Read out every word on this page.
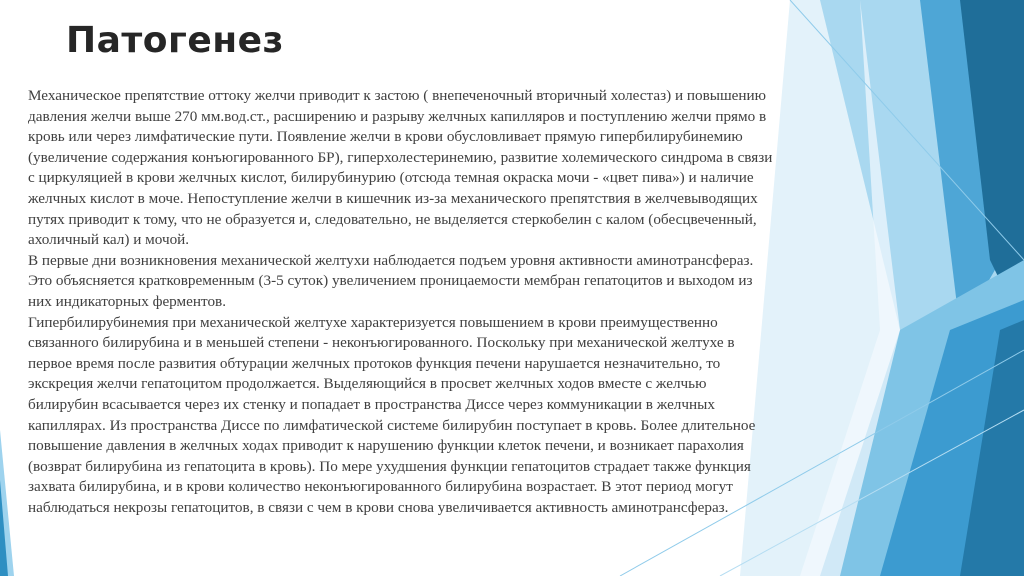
Патогенез

Механическое препятствие оттоку желчи приводит к застою ( внепеченочный вторичный холестаз) и повышению давления желчи выше 270 мм.вод.ст., расширению и разрыву желчных капилляров и поступлению желчи прямо в кровь или через лимфатические пути. Появление желчи в крови обусловливает прямую гипербилирубинемию (увеличение содержания конъюгированного БР), гиперхолестеринемию, развитие холемического синдрома в связи с циркуляцией в крови желчных кислот, билирубинурию (отсюда темная окраска мочи - «цвет пива») и наличие желчных кислот в моче. Непоступление желчи в кишечник из-за механического препятствия в желчевыводящих путях приводит к тому, что не образуется и, следовательно, не выделяется стеркобелин с калом (обесцвеченный, ахоличный кал) и мочой.

В первые дни возникновения механической желтухи наблюдается подъем уровня активности аминотрансфераз. Это объясняется кратковременным (3-5 суток) увеличением проницаемости мембран гепатоцитов и выходом из них индикаторных ферментов.

Гипербилирубинемия при механической желтухе характеризуется повышением в крови преимущественно связанного билирубина и в меньшей степени - неконъюгированного. Поскольку при механической желтухе в первое время после развития обтурации желчных протоков функция печени нарушается незначительно, то экскреция желчи гепатоцитом продолжается. Выделяющийся в просвет желчных ходов вместе с желчью билирубин всасывается через их стенку и попадает в пространства Диссе через коммуникации в желчных капиллярах. Из пространства Диссе по лимфатической системе билирубин поступает в кровь. Более длительное повышение давления в желчных ходах приводит к нарушению функции клеток печени, и возникает парахолия (возврат билирубина из гепатоцита в кровь). По мере ухудшения функции гепатоцитов страдает также функция захвата билирубина, и в крови количество неконъюгированного билирубина возрастает. В этот период могут наблюдаться некрозы гепатоцитов, в связи с чем в крови снова увеличивается активность аминотрансфераз.
